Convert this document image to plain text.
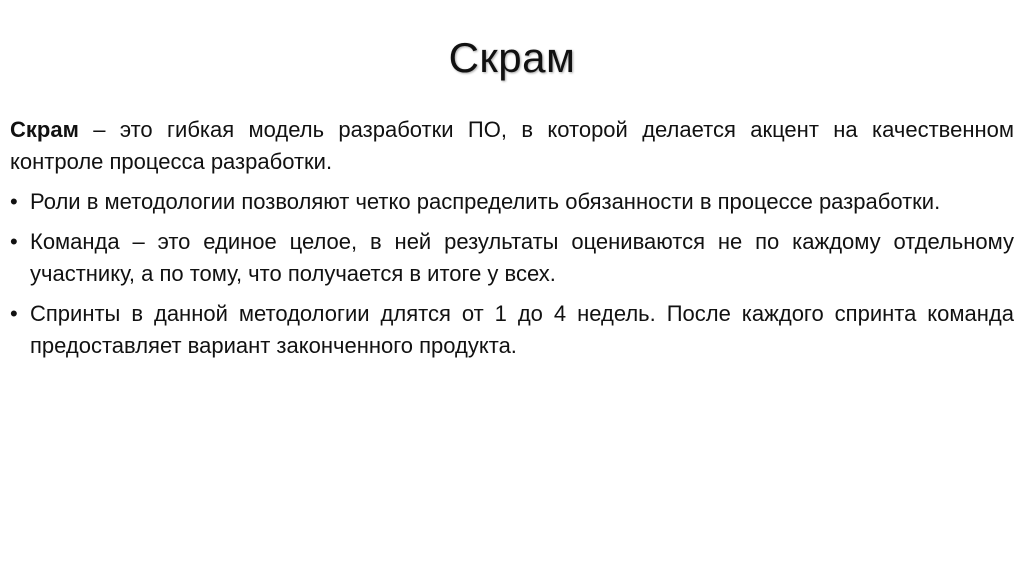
Скрам

Скрам – это гибкая модель разработки ПО, в которой делается акцент на качественном контроле процесса разработки.

• Роли в методологии позволяют четко распределить обязанности в процессе разработки.
• Команда – это единое целое, в ней результаты оцениваются не по каждому отдельному участнику, а по тому, что получается в итоге у всех.
• Спринты в данной методологии длятся от 1 до 4 недель. После каждого спринта команда предоставляет вариант законченного продукта.
